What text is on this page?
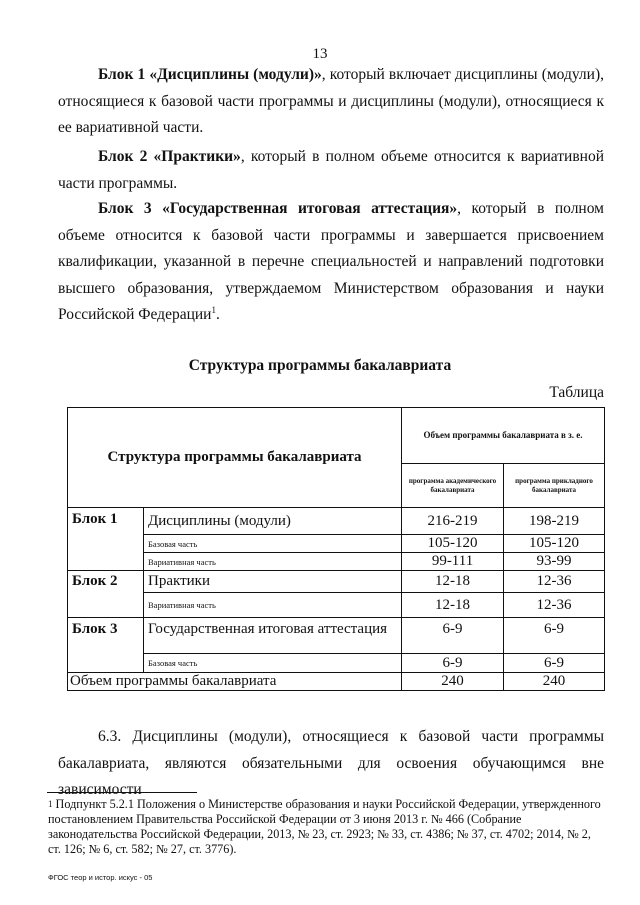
13
Блок 1 «Дисциплины (модули)», который включает дисциплины (модули), относящиеся к базовой части программы и дисциплины (модули), относящиеся к ее вариативной части.
Блок 2 «Практики», который в полном объеме относится к вариативной части программы.
Блок 3 «Государственная итоговая аттестация», который в полном объеме относится к базовой части программы и завершается присвоением квалификации, указанной в перечне специальностей и направлений подготовки высшего образования, утверждаемом Министерством образования и науки Российской Федерации$^1$.
Структура программы бакалавриата
Таблица
Структура программы бакалавриата		Объем программы бакалавриата в з. е.	
		программа академического бакалавриата	программа прикладного бакалавриата
Блок 1	Дисциплины (модули)	216-219	198-219
	Базовая часть	105-120	105-120
	Вариативная часть	99-111	93-99
Блок 2	Практики	12-18	12-36
	Вариативная часть	12-18	12-36
Блок 3	Государственная итоговая аттестация	6-9	6-9
	Базовая часть	6-9	6-9
Объем программы бакалавриата		240	240
6.3. Дисциплины (модули), относящиеся к базовой части программы бакалавриата, являются обязательными для освоения обучающимся вне зависимости
$^1$ Подпункт 5.2.1 Положения о Министерстве образования и науки Российской Федерации, утвержденного постановлением Правительства Российской Федерации от 3 июня 2013 г. № 466 (Собрание законодательства Российской Федерации, 2013, № 23, ст. 2923; № 33, ст. 4386; № 37, ст. 4702; 2014, № 2, ст. 126; № 6, ст. 582; № 27, ст. 3776).
ФГОС теор и истор. искус - 05
